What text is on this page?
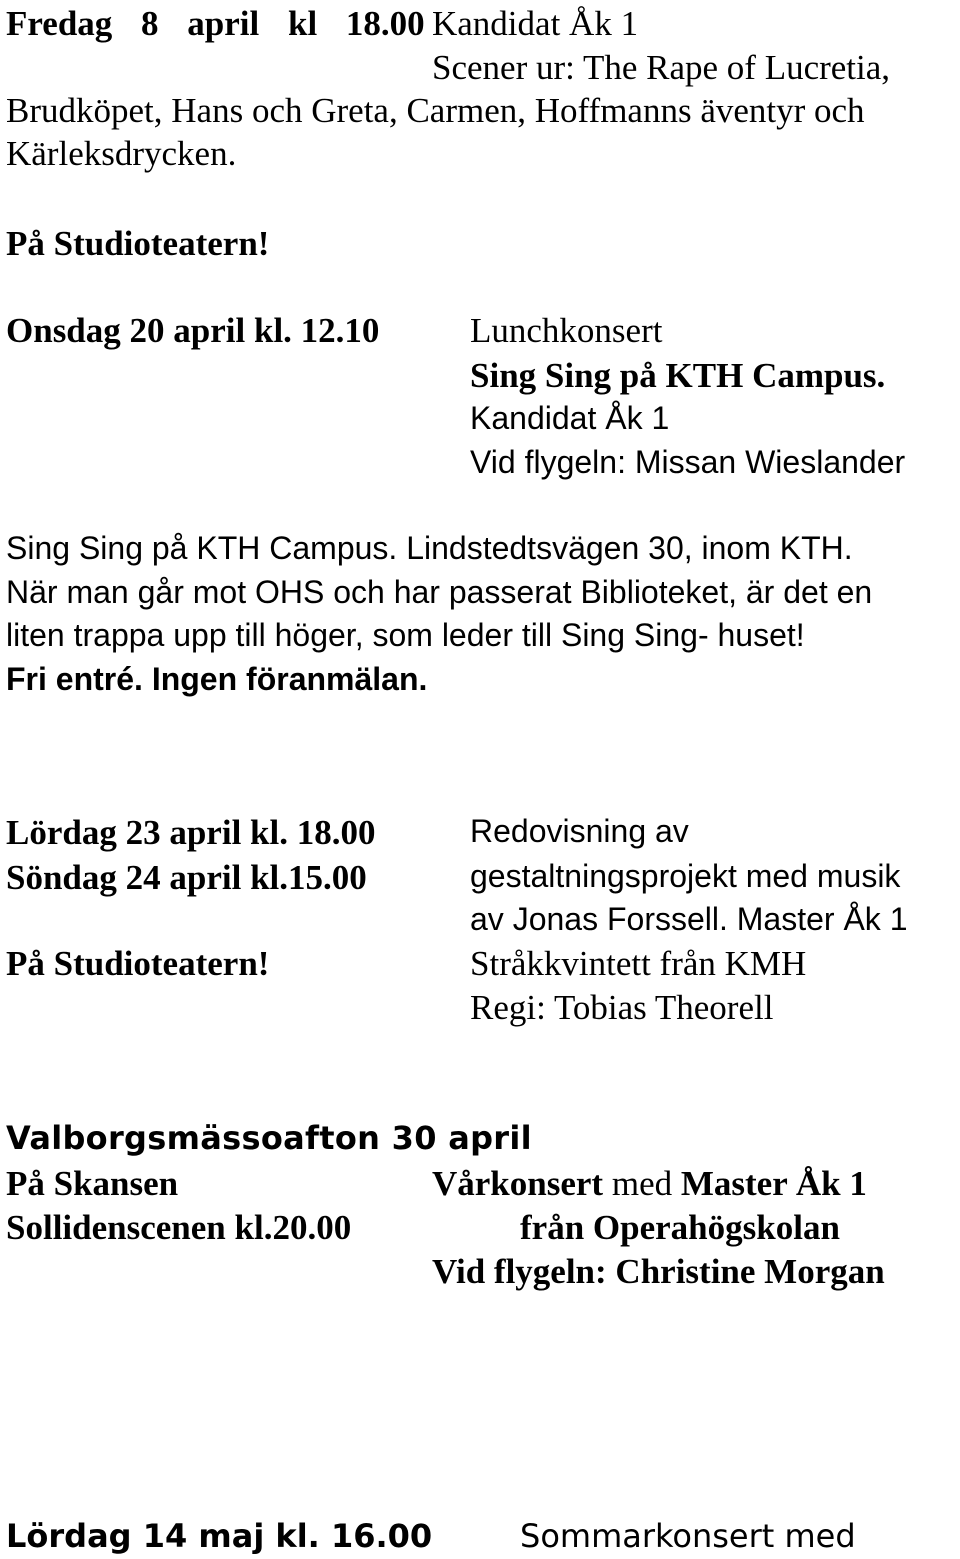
Fredag 8 april kl 18.00 Kandidat Åk 1
Scener ur: The Rape of Lucretia,
Brudköpet, Hans och Greta, Carmen, Hoffmanns äventyr och
Kärleksdrycken.
På Studioteatern!
Onsdag 20 april kl. 12.10	Lunchkonsert
Sing Sing på KTH Campus.
Kandidat Åk 1
Vid flygeln: Missan Wieslander
Sing Sing på KTH Campus. Lindstedtsvägen 30, inom KTH.
När man går mot OHS och har passerat Biblioteket, är det en
liten trappa upp till höger, som leder till Sing Sing- huset!
Fri entré. Ingen föranmälan.
Lördag 23 april kl. 18.00
Söndag 24 april kl.15.00
På Studioteatern!
Redovisning av
gestaltningsprojekt med musik
av Jonas Forssell. Master Åk 1
Stråkkvintett från KMH
Regi: Tobias Theorell
Valborgsmässoafton 30 april
På Skansen
Sollidenscenen kl.20.00
Vårkonsert med Master Åk 1
från Operahögskolan
Vid flygeln: Christine Morgan
Lördag 14 maj kl. 16.00	Sommarkonsert med
